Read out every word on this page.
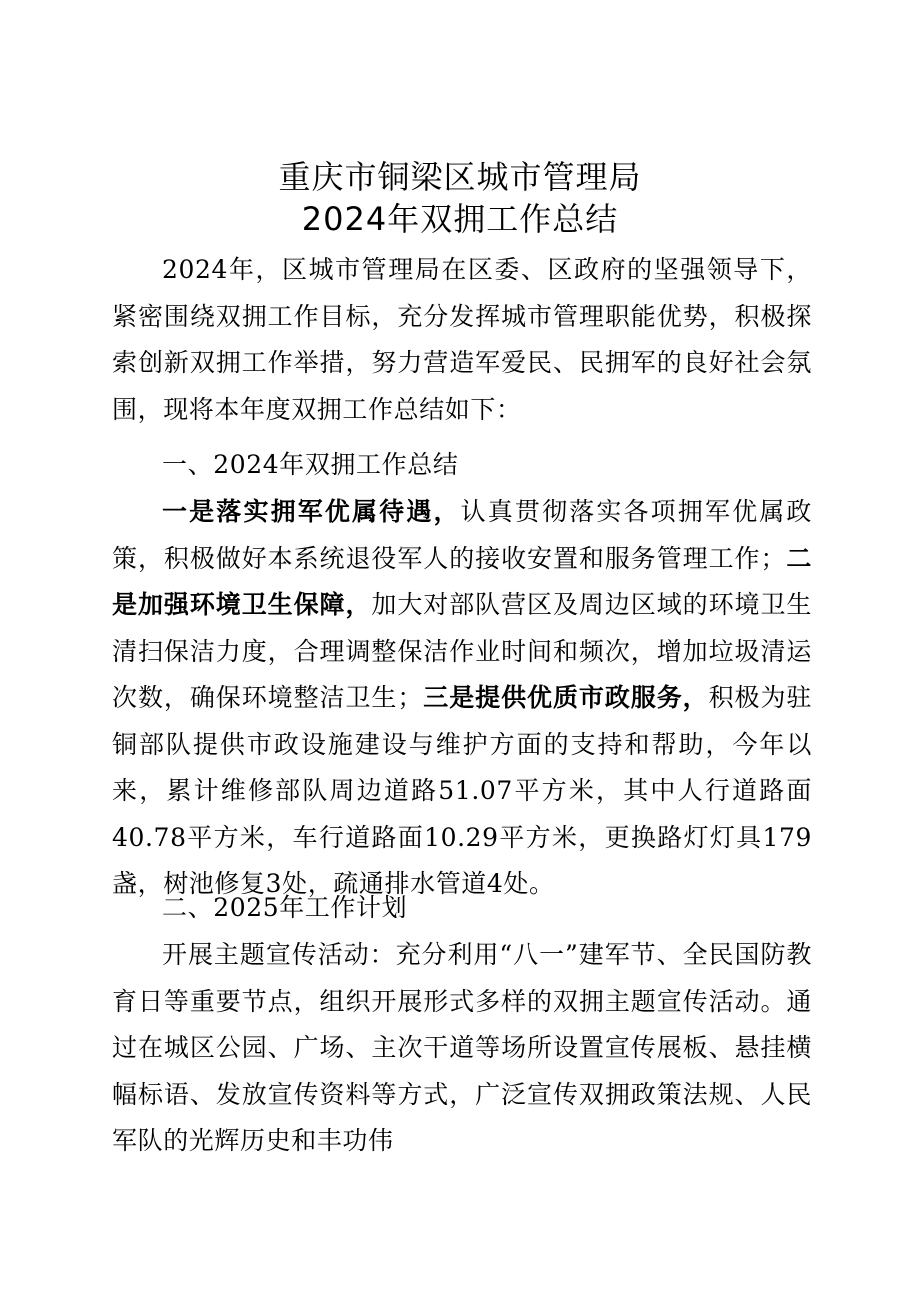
重庆市铜梁区城市管理局
2024年双拥工作总结
2024年，区城市管理局在区委、区政府的坚强领导下，紧密围绕双拥工作目标，充分发挥城市管理职能优势，积极探索创新双拥工作举措，努力营造军爱民、民拥军的良好社会氛围，现将本年度双拥工作总结如下：
一、2024年双拥工作总结
一是落实拥军优属待遇，认真贯彻落实各项拥军优属政策，积极做好本系统退役军人的接收安置和服务管理工作；二是加强环境卫生保障，加大对部队营区及周边区域的环境卫生清扫保洁力度，合理调整保洁作业时间和频次，增加垃圾清运次数，确保环境整洁卫生；三是提供优质市政服务，积极为驻铜部队提供市政设施建设与维护方面的支持和帮助，今年以来，累计维修部队周边道路51.07平方米，其中人行道路面40.78平方米，车行道路面10.29平方米，更换路灯灯具179盏，树池修复3处，疏通排水管道4处。
二、2025年工作计划
开展主题宣传活动：充分利用“八一”建军节、全民国防教育日等重要节点，组织开展形式多样的双拥主题宣传活动。通过在城区公园、广场、主次干道等场所设置宣传展板、悬挂横幅标语、发放宣传资料等方式，广泛宣传双拥政策法规、人民军队的光辉历史和丰功伟
